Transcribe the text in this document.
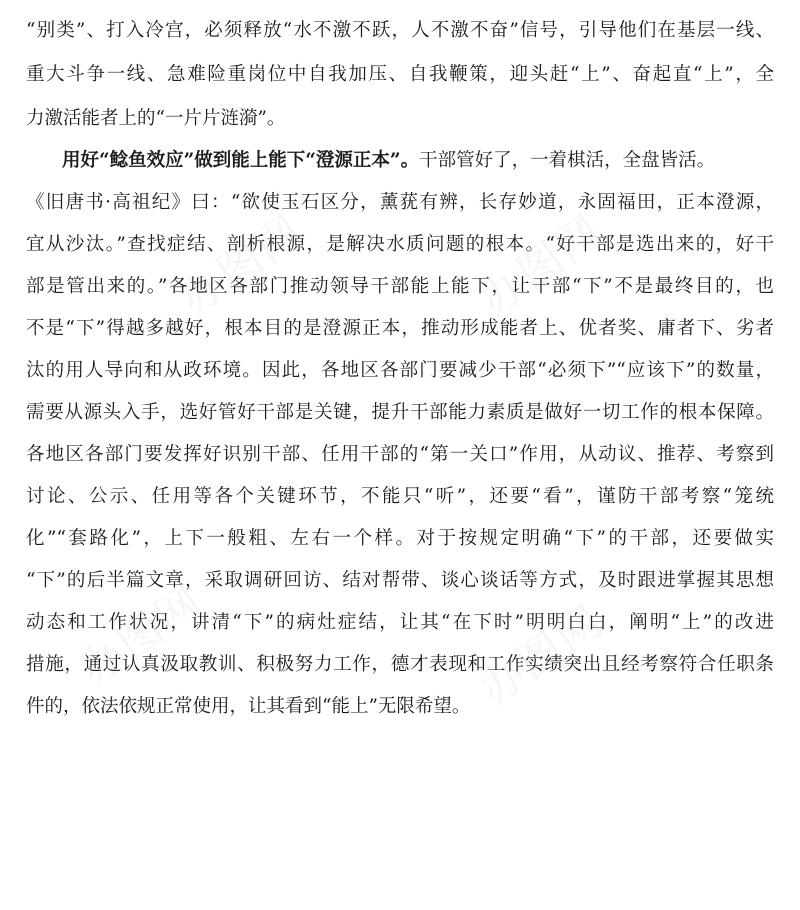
“别类”、打入冷宫，必须释放“水不激不跃，人不激不奋”信号，引导他们在基层一线、
重大斗争一线、急难险重岗位中自我加压、自我鞭策，迎头赶“上”、奋起直“上”，全
力激活能者上的“一片片涟漪”。
用好“鲶鱼效应”做到能上能下“澄源正本”。干部管好了，一着棋活，全盘皆活。
《旧唐书·高祖纪》曰：“欲使玉石区分，薰莸有辨，长存妙道，永固福田，正本澄源，
宜从沙汰。”查找症结、剖析根源，是解决水质问题的根本。“好干部是选出来的，好干
部是管出来的。”各地区各部门推动领导干部能上能下，让干部“下”不是最终目的，也
不是“下”得越多越好，根本目的是澄源正本，推动形成能者上、优者奖、庸者下、劣者
汰的用人导向和从政环境。因此，各地区各部门要减少干部“必须下”“应该下”的数量，
需要从源头入手，选好管好干部是关键，提升干部能力素质是做好一切工作的根本保障。
各地区各部门要发挥好识别干部、任用干部的“第一关口”作用，从动议、推荐、考察到
讨论、公示、任用等各个关键环节，不能只“听”，还要“看”，谨防干部考察“笼统
化”“套路化”，上下一般粗、左右一个样。对于按规定明确“下”的干部，还要做实
“下”的后半篇文章，采取调研回访、结对帮带、谈心谈话等方式，及时跟进掌握其思想
动态和工作状况，讲清“下”的病灶症结，让其“在下时”明明白白，阐明“上”的改进
措施，通过认真汲取教训、积极努力工作，德才表现和工作实绩突出且经考察符合任职条
件的，依法依规正常使用，让其看到“能上”无限希望。
办图网	办图网
办图网	办图网
